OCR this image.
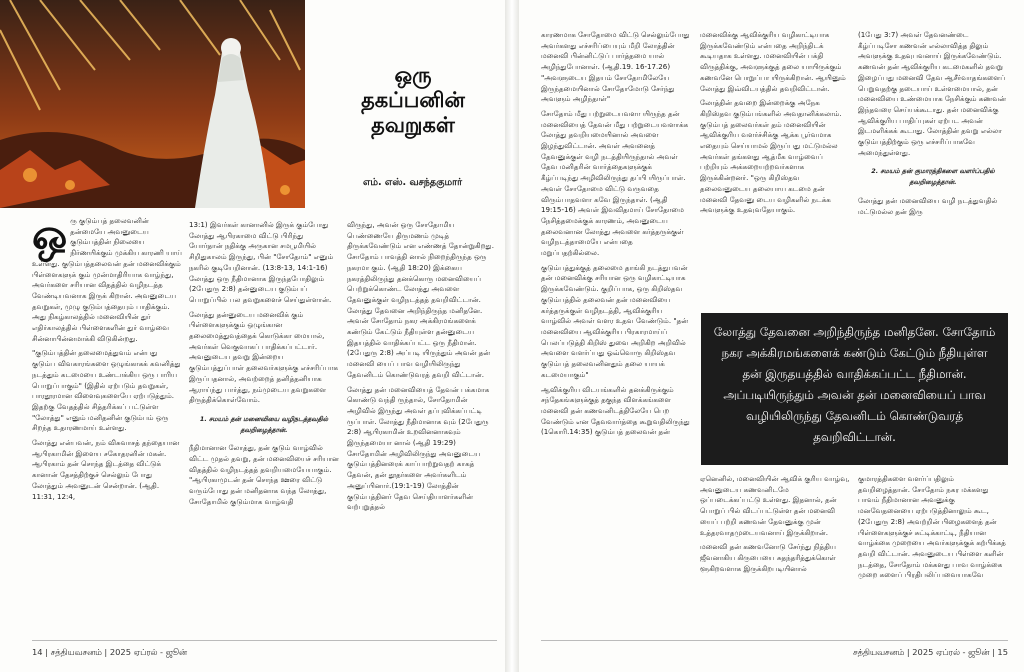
ஒரு
தகப்பனின்
தவறுகள்
எம். எஸ். வசந்தகுமார்
ஒ ரு குடும்பத் தலைவனின் தன்மையே அவனுடைய குடும்பத்தின் நிலையை நிர்ணயிக்கும் முக்கிய காரணி யாய் உள்ளது. குடும்பத்தலைவன் தன் மனைவிக்கும் பிள்ளைகளுக் கும் முன்மாதிரியாக வாழ்ந்து, அவர்களை சரியான விதத்தில் வழிநடத்த வேண்டியவனாக இருக் கிறான். அவனுடைய தவறுகள், முழு குடும்பத்தையும் பாதிக்கும். அது நிகழ்காலத்தில் மனைவியின் துர் எதிர்காலத்தில் பிள்ளைகளின் துர் வாழ்வை சின்னாபின்னமாக்கி விடுகின்றது.

"குடும்பத்தின் தலைமைத்துவம் என்பது குடும்ப விவகாரங்களை ஒழுங்காகக் கவனித்து நடத்தும் கடமையை உண்டாக்கிய ஒரு பாரிய பொறுப்பாகும்" (இதில் ஏற்படும் தவறுகள், பாரதூரமான விளைவுகளையே ஏற்படுத்தும். இதற்கு வேதத்தில் சித்தரிக்கப் பட்டுள்ள "லோத்து" எனும் மனிதனின் குடும்பம் ஒரு சிறந்த உதாரணமாய் உள்ளது.

லோத்து என்பவன், நம் விசுவாசத் தந்தையான ஆபிரகாமின் இளைய சகோதரனின் மகன். ஆபிரகாம் தன் சொந்த இடத்தை விட்டுக் கானான் தேசத்திற்குச் செல்லும் போது லோத்தும் அவனுடன் சென்றான். (ஆதி. 11:31, 12:4,

13:1) இவர்கள் கானானில் இருக் கும்போது லோத்து ஆபிரகாமை விட்டு பிரிந்து யோர்தான் நதிக்கு அருகான சமபூமியில் சிறிதுகாலம் இருந்து, பின் "சோதோம்" எனும் நகரில் குடியேறினான். (13:8-13, 14:1-16) லோத்து ஒரு நீதிமானாக இருந்தபோதிலும் (2பேதுரு 2:8) தன்னுடைய குடும்பப் பொறுப்பில் பல தவறுகளைச் செய்துள்ளான்.

லோத்து தன்னுடைய மனைவிக் கும் பிள்ளைகளுக்கும் ஒழுங்கான தலைமைத்துவத்தைக் கொடுக்கா மையால், அவர்கள் வெகுவாகப் பாதிக்கப்பட்டார். அவனுடைய தவறு இன்றைய குடும்பத்துப்பாள் தலைவர்களுக்கு எச்சரிப்பாக இருப்பதனால், அவற்றைத் தனித்தனியாக ஆராய்ந்து பார்த்து, நம்முடைய தவறுகளை திருத்திக்கொள்வோம்.

1. சமயம் தன் மனைவியை வழிநடத்தவதில் தவறிழைத்தான்.

நீதிமானான லோத்து, தன் குடும் வாழ்வில் விட்ட முதல் தவறு, தன் மனைவியைச் சரியான விதத்தில் வழிநடத்தத் தவறியமையேயாகும். "ஆபிரகாமுடன் தன் சொந்த ஊரை விட்டு வரும்போது தன் மனிதனாக வந்த லோத்து, சோதோமில் குடும்மாக வாழ்வதி

விருந்து, அவன் ஒரு சோதோமிய பெண்ணையே திருமணம் முடித் திருக்கவேண்டும் என எண்ணத் தோன்றுகிறது. சோதோம் பாவத்தி னால் நிறைந்திருந்த ஒரு நகரமா கும். (ஆதி 18:20) இக்கைய நகரத்திலிருந்து தனக்கொரு மனைவியைப் பெற்றுக்கொண்ட லோத்து அவளை தேவனுக்குள் வழிநடத்தத் தவறிவிட்டான். லோத்து தேவனை அறிந்திருந்த மனிதனே. அவன் சோதோம் நகர அக்கிரமங்களைக் கண்டும் கேட்டும் நீதியுள்ள தன்னுடைய இதயத்தில் வாதிக்கப்பட்ட ஒரு நீதிமான். (2பேதுரு 2:8) அப்படி யிருந்தும் அவன் தன் மனைவி யைப் பாவ வழியிலிருந்து தேவனிடம் கொண்டுவரத் தவறி விட்டான்.

லோத்து தன் மனைவியைத் தேவன் பக்கமாக கொண்டு வந்தி ருந்தால், சோதோமின் அழிவில் இருந்து அவள் தப்புவிக்கப்பட்டி ருப்பாள். லோத்து நீதிமானாக வும் (2பேதுரு 2:8) ஆபிரகாமின் உறவினனாகவும் இருந்தமையா னால் (ஆதி 19:29) சோதோமின் அழிவிலிருந்து அவனுடைய குடும்பத்தினரைக் காப்பாற்றுவதற் காகத் தேவன், தன் தூதர்களை அவர்களிடம் அனுப்பினார்.(19:1-19) லோத்தின் குடும்பத்தினர் தேவ செய்தியாளர்களின் வற்புறுத்தல்

காரணமாக சோதோமை விட்டு செல்லும்போது அவர்களது எச்சரிப்பையும் மீறி லோத்தின் மனைவி பின்னிட்டுப் பார்த்தமை யால் அழிந்துபோனாள். (ஆதி.19. 16-17.26) "அவளுடைய இதயம் சோதோமிலேயே இருந்தமையினால் சோதோமோடு சேர்ந்து அவளும் அழிந்தாள்"

சோதோம் மீது பற்றுடையவளா யிருந்த தன் மனைவியைத் தேவன் மீது பற்றுடையவளாக்க லோத்து தவறியமையினால் அவளை இழந்துவிட்டான். அவள் அவனைத் தேவனுக்குள் வழி நடத்தியிருந்தால் அவள் தேவ மனிதரின் வார்த்தைகளுக்குக் கீழ்ப்படிந்து அழிவிலிருந்து தப்பி யிருப்பாள். அவள் சோதோமை விட்டு வருவதை விரும்பாதவளா கவே இருந்தாள். (ஆதி 19:15-16) அவள் இவவிதமாய் சோதோமை நேசித்தமைக்குக் காரணம், அவனுடைய தலைவனான லோத்து அவளை கர்த்தருக்குள் வழிநடத்தாமையே என்பதை மறுப்பதற்கில்லை.

குடும்பத்துக்குத் தலைமை தாங்கி நடத்துபவன் தன் மனைவிக்கு சரியான ஒரு வழிகாட்டியாக இருக்கவேண்டும். குறிப்பாக, ஒரு கிறிஸ்தவ குடும்பத்தில் தலைவன் தன் மனைவியை கர்த்தருக்குள் வழிநடத்தி, ஆவிக்குரிய வாழ்வில் அவள் வளர உதவ வேண்டும். "தன் மனைவியை ஆவிக்குரிய பிரகாரமாய்ப் பெலப்படுத்தி கிறிஸ் துவை அறிகிற அறிவில் அவளை வளர்ப்பது ஓவ்வொரு கிறிஸ்தவ குடும்பத் தலைவனினதும் தலை யாயக் கடமையாகும்"

ஆவிக்குரிய விடயங்களில் தனக்கிருக்கும் சந்தேகங்களுக்குத் தகுந்த விளக்கங்களை மனைவி தன் கணவனிடத்திலேயே பெற வேண்டும் என தேவவார்த்தை கூறுவதிலிருந்து (1கொரி.14:35) குடும்பத் தலைவன் தன்

மனைவிக்கு ஆவிக்குரிய வழிகாட்டியாக இருக்கவேண்டும் என்பதை அறிந்திடக் கூடியதாக உள்ளது. மனைவியின் பக்தி விருத்திக்கு, அவளுக்குத் தலை யாயிருக்கும் கணவனே பொறுப்பா யிருக்கிறான். ஆயினும் லோத்து இவ்விடயத்தில் தவறிவிட்டான்.

லோத்தின் தவறை இன்றைக்கு அநேக கிறிஸ்தவ குடும்பங்களில் அவதானிக்கலாம். குடும்பத் தலைவர்கள் தம் மனைவியின் ஆவிக்குரிய வளர்ச்சிக்கு ஆக்க பூர்வமாக எதையும் செய்யாமல் இருப்பது மட்டுமல்ல அவர்கள் தங்களது ஆத்மீக வாழ்வைப் பற்றியும் அக்கறையற்றவர்களாக இருக்கின்றனர். "ஒரு கிறிஸ்தவ தலைவனுடைய தலையாய கடமை தன் மனைவி தேவனு டைய வழிகளில் நடக்க அவளுக்கு உதவுவதேயாகும்.

(1பேது 3:7) அவள் தேவனண்டை கீழ்ப்படிசோ கணவன் எல்லாவித்த திலும் அவளுக்கு உதவுபவனாய் இருக்கவேண்டும். கணவன் தன் ஆவிக்குரிய கடமைகளில் தவறு இழைப்பது மனைவி தேவ ஆசீர்வாதங்களைப் பெறுவதற்கு தடையாய் உள்ளமையால், தன் மனைவியை உண்மையாக நேசிக்கும் கணவன் இந்தவரை செய்யக்கூடாது. தன் மனைவிக்கு ஆவிக்குரிய பாதிப்புகள் ஏற்பட அவன் இடமளிக்கக் கூடாது. லோத்தின் தவறு எல்லா குடும்பத்திற்கும் ஒரு எச்சரிப்பாகவே அமைந்துள்ளது.

2. சமயம் தன் குமாரத்திகளை வளர்ப்பதில் தவறிழைத்தான்.

லோத்து தன் மனைவியை வழி நடத்துவதில் மட்டுமல்ல தன் இரு

லோத்து தேவனை அறிந்திருந்த மனிதனே. சோதோம் நகர அக்கிரமங்களைக் கண்டும் கேட்டும் நீதியுள்ள தன் இருதயத்தில் வாதிக்கப்பட்ட நீதிமான். அப்படியிருந்தும் அவன் தன் மனைவியைப் பாவ வழியிலிருந்து தேவனிடம் கொண்டுவரத் தவறிவிட்டான்.

ஏனெனில், மனைவியின் ஆவிக் குரிய வாழ்வு, அவனுடைய கணவனிடமே ஒப்படைக்கப்பட்டு உள்ளது. இதனால், தன் பொறுப் பில் விடப்பட்டுள்ள தன் மனைவி யைப் பற்றி கணவன் தேவனுக்கு முன் உத்தரவாதமுடையவனாய் இருக்கிறான்.

மனைவி தன் கணவனோடு சேர்ந்து நித்திய ஜீவனாகிய கிருபையை சுதந்தரித்துக்கொள் ளூகிறவளாக இருக்கிறபடியினால்

குமாரத்திகளை வளர்ப்பதிலும் தவறிழைத்தான். சோதோம் நகர மக்களது பாவம் நீதிமானான அவனுக்கு மனவேதனையை ஏற்படுத்தினாலும் கூட, (2பேதுரு 2:8) அவற்றின் பிழைகளைத் தன் பிள்ளைகளுக்குச் சுட்டிக்காட்டி, நீதியான வாழ்க்கை முறையை அவர்களுக்குக் கற்பிக்கத் தவறி விட்டான். அவனுடைய பிள்ளை களின் நடத்தை, சோதோம் மக்களது பாவ வாழ்க்கை முறை களைப் பிரதிபலிப்பவையாகவே

14 | சத்தியவசனம் | 2025 ஏப்ரல் - ஜூன்	சத்தியவசனம் | 2025 ஏப்ரல் - ஜூன் | 15
